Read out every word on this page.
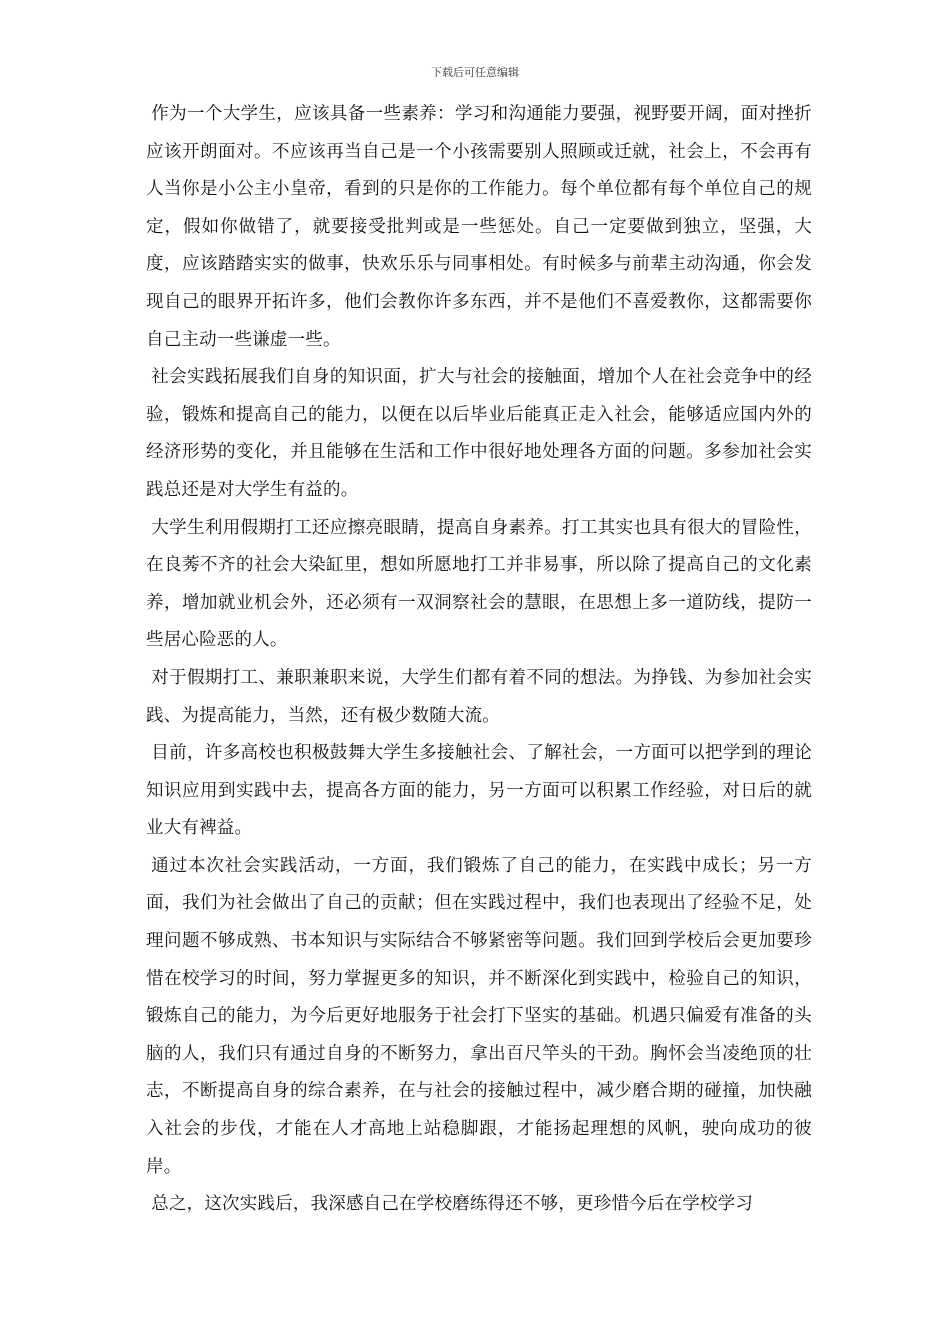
下载后可任意编辑

作为一个大学生，应该具备一些素养：学习和沟通能力要强，视野要开阔，面对挫折应该开朗面对。不应该再当自己是一个小孩需要别人照顾或迁就，社会上，不会再有人当你是小公主小皇帝，看到的只是你的工作能力。每个单位都有每个单位自己的规定，假如你做错了，就要接受批判或是一些惩处。自己一定要做到独立，坚强，大度，应该踏踏实实的做事，快欢乐乐与同事相处。有时候多与前辈主动沟通，你会发现自己的眼界开拓许多，他们会教你许多东西，并不是他们不喜爱教你，这都需要你自己主动一些谦虚一些。

社会实践拓展我们自身的知识面，扩大与社会的接触面，增加个人在社会竞争中的经验，锻炼和提高自己的能力，以便在以后毕业后能真正走入社会，能够适应国内外的经济形势的变化，并且能够在生活和工作中很好地处理各方面的问题。多参加社会实践总还是对大学生有益的。

大学生利用假期打工还应擦亮眼睛，提高自身素养。打工其实也具有很大的冒险性，在良莠不齐的社会大染缸里，想如所愿地打工并非易事，所以除了提高自己的文化素养，增加就业机会外，还必须有一双洞察社会的慧眼，在思想上多一道防线，提防一些居心险恶的人。

对于假期打工、兼职兼职来说，大学生们都有着不同的想法。为挣钱、为参加社会实践、为提高能力，当然，还有极少数随大流。

目前，许多高校也积极鼓舞大学生多接触社会、了解社会，一方面可以把学到的理论知识应用到实践中去，提高各方面的能力，另一方面可以积累工作经验，对日后的就业大有裨益。

通过本次社会实践活动，一方面，我们锻炼了自己的能力，在实践中成长；另一方面，我们为社会做出了自己的贡献；但在实践过程中，我们也表现出了经验不足，处理问题不够成熟、书本知识与实际结合不够紧密等问题。我们回到学校后会更加要珍惜在校学习的时间，努力掌握更多的知识，并不断深化到实践中，检验自己的知识，锻炼自己的能力，为今后更好地服务于社会打下坚实的基础。机遇只偏爱有准备的头脑的人，我们只有通过自身的不断努力，拿出百尺竿头的干劲。胸怀会当凌绝顶的壮志，不断提高自身的综合素养，在与社会的接触过程中，减少磨合期的碰撞，加快融入社会的步伐，才能在人才高地上站稳脚跟，才能扬起理想的风帆，驶向成功的彼岸。

总之，这次实践后，我深感自己在学校磨练得还不够，更珍惜今后在学校学习
